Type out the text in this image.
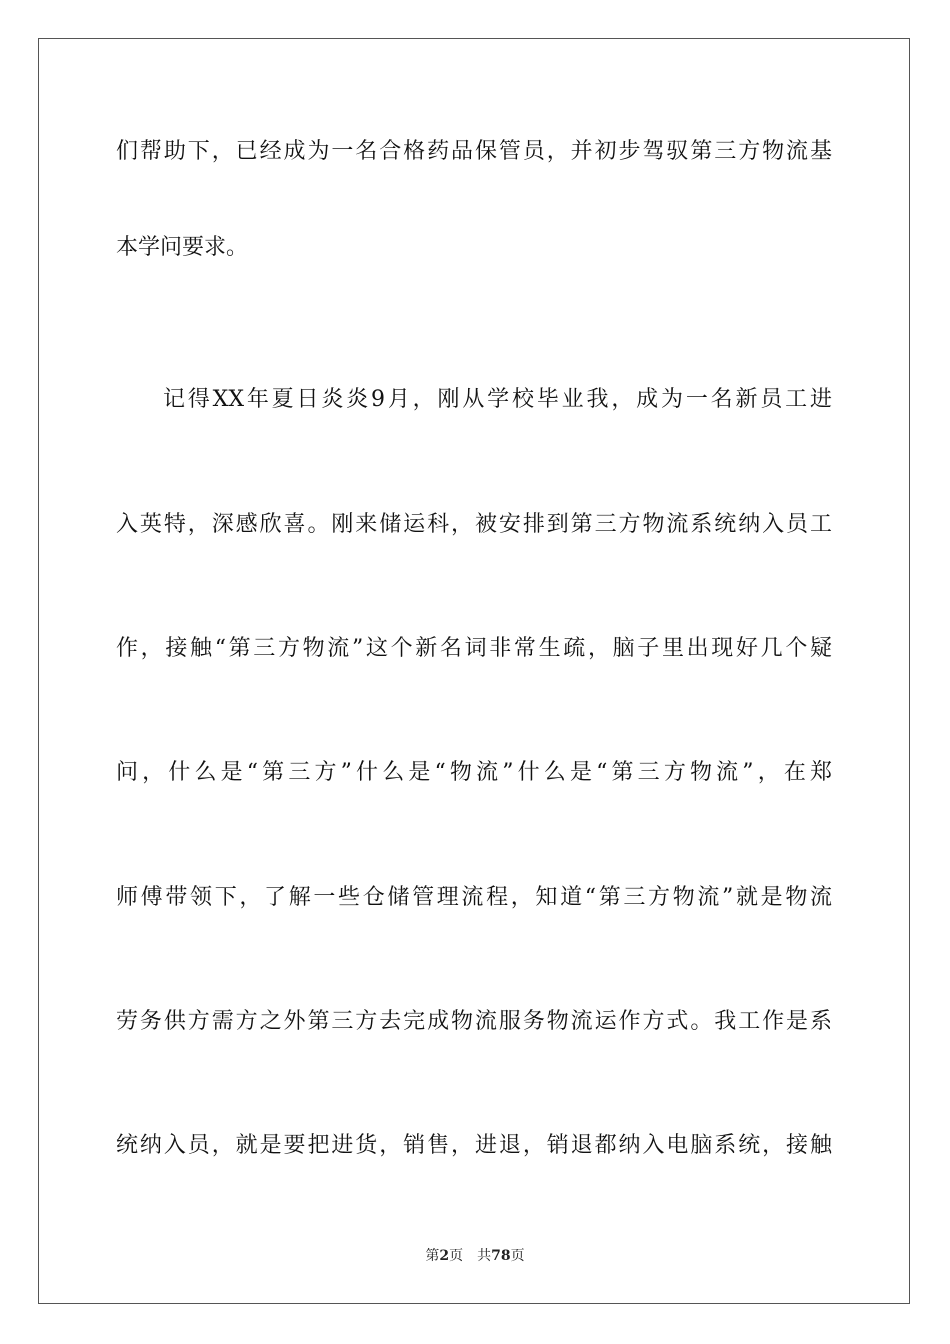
们帮助下，已经成为一名合格药品保管员，并初步驾驭第三方物流基
本学问要求。
记得XX年夏日炎炎9月，刚从学校毕业我，成为一名新员工进
入英特，深感欣喜。刚来储运科，被安排到第三方物流系统纳入员工
作，接触“第三方物流”这个新名词非常生疏，脑子里出现好几个疑
问，什么是“第三方”什么是“物流”什么是“第三方物流”，在郑
师傅带领下，了解一些仓储管理流程，知道“第三方物流”就是物流
劳务供方需方之外第三方去完成物流服务物流运作方式。我工作是系
统纳入员，就是要把进货，销售，进退，销退都纳入电脑系统，接触
第2页 共78页
